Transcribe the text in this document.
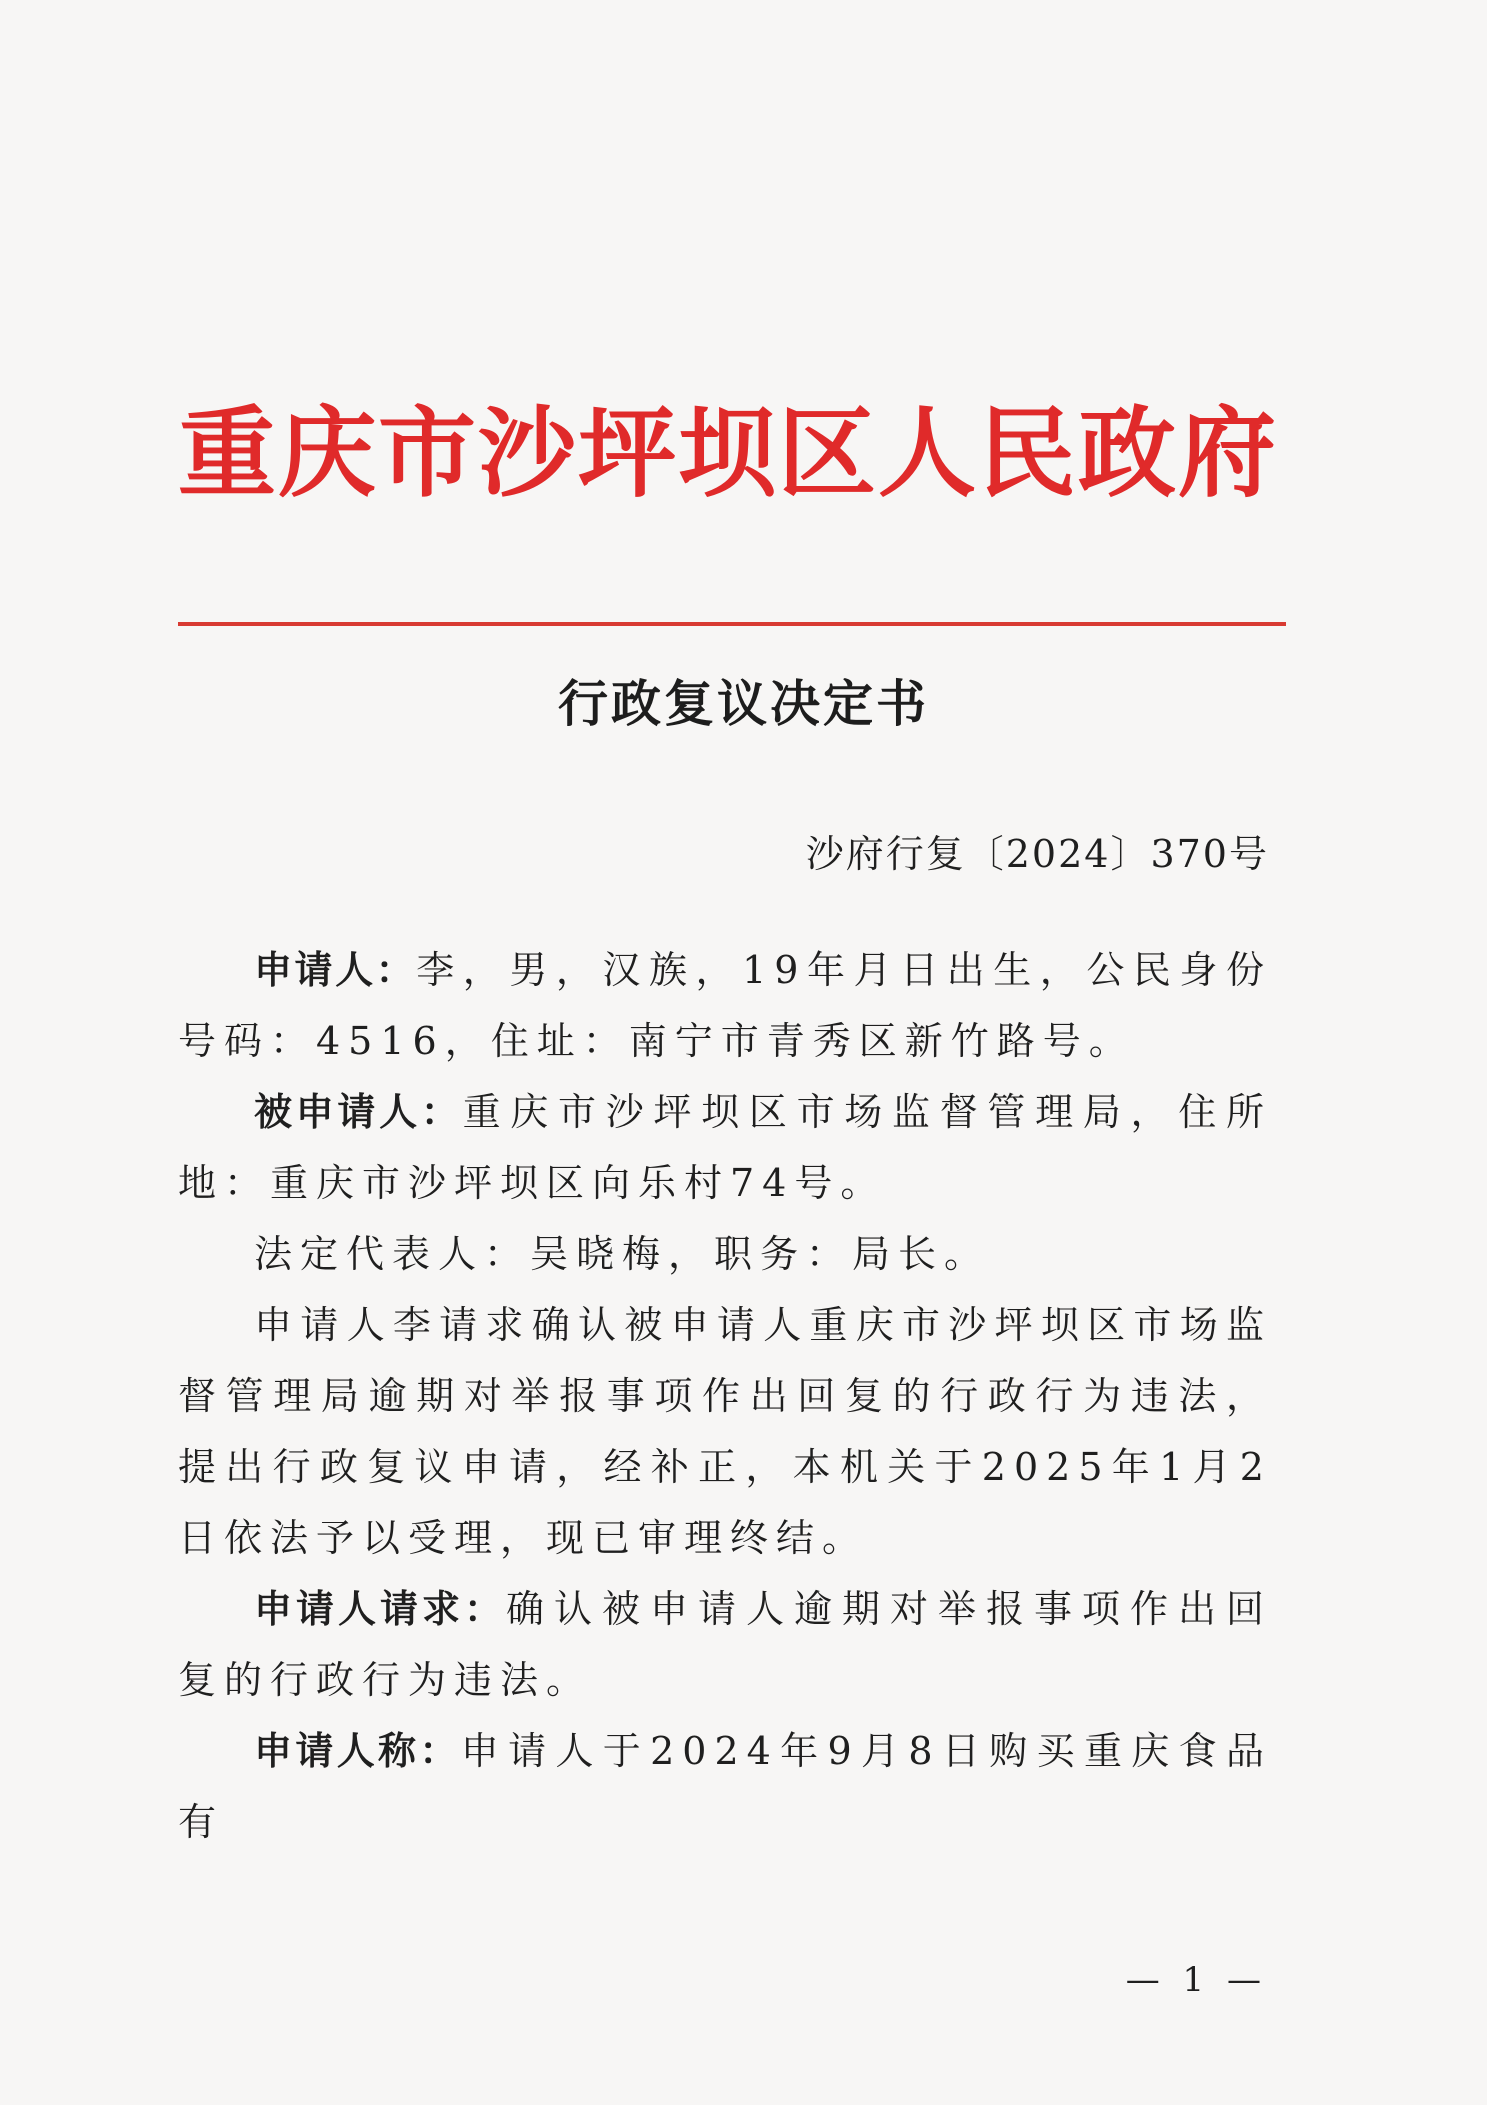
重庆市沙坪坝区人民政府
行政复议决定书
沙府行复〔2024〕370号

申请人：李，男，汉族，19年月日出生，公民身份号码：4516，住址：南宁市青秀区新竹路号。

被申请人：重庆市沙坪坝区市场监督管理局，住所地：重庆市沙坪坝区向乐村74号。

法定代表人：吴晓梅，职务：局长。

申请人李请求确认被申请人重庆市沙坪坝区市场监督管理局逾期对举报事项作出回复的行政行为违法，提出行政复议申请，经补正，本机关于2025年1月2日依法予以受理，现已审理终结。

申请人请求：确认被申请人逾期对举报事项作出回复的行政行为违法。

申请人称：申请人于2024年9月8日购买重庆食品有

— 1 —
